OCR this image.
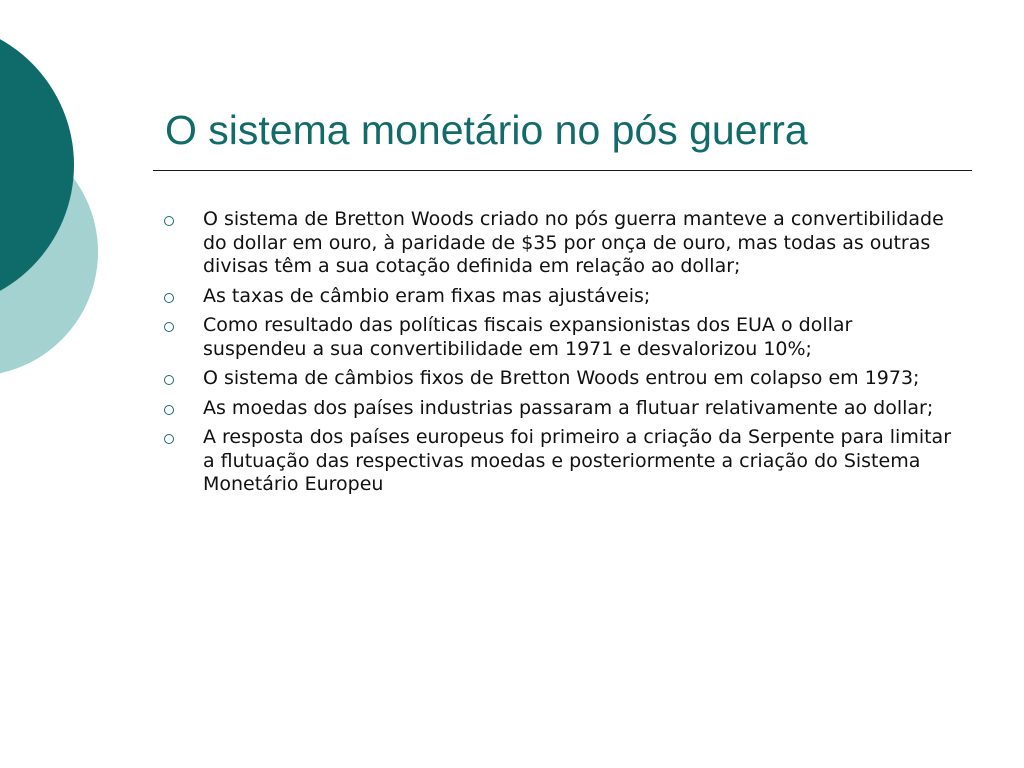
O sistema monetário no pós guerra
O sistema de Bretton Woods criado no pós guerra manteve a convertibilidade do dollar em ouro, à paridade de $35 por onça de ouro, mas todas as outras divisas têm a sua cotação definida em relação ao dollar;
As taxas de câmbio eram fixas mas ajustáveis;
Como resultado das políticas fiscais expansionistas dos EUA o dollar suspendeu a sua convertibilidade em 1971 e desvalorizou 10%;
O sistema de câmbios fixos de Bretton Woods entrou em colapso em 1973;
As moedas dos países industrias passaram a flutuar relativamente ao dollar;
A resposta dos países europeus foi primeiro a criação da Serpente para limitar a flutuação das respectivas moedas e posteriormente a criação do Sistema Monetário Europeu
